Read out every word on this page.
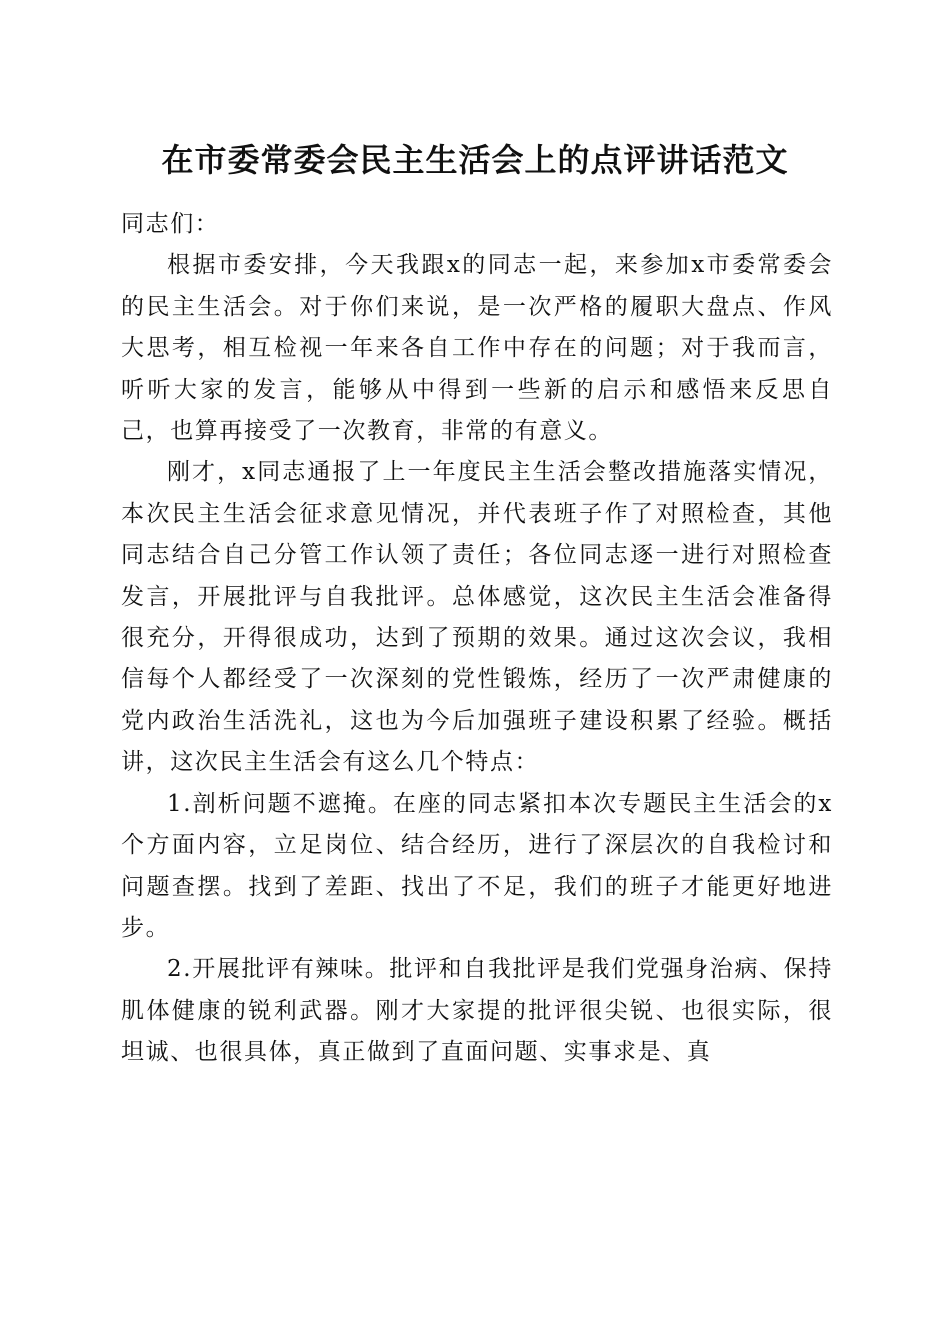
在市委常委会民主生活会上的点评讲话范文

同志们：

根据市委安排，今天我跟x的同志一起，来参加x市委常委会的民主生活会。对于你们来说，是一次严格的履职大盘点、作风大思考，相互检视一年来各自工作中存在的问题；对于我而言，听听大家的发言，能够从中得到一些新的启示和感悟来反思自己，也算再接受了一次教育，非常的有意义。

刚才，x同志通报了上一年度民主生活会整改措施落实情况，本次民主生活会征求意见情况，并代表班子作了对照检查，其他同志结合自己分管工作认领了责任；各位同志逐一进行对照检查发言，开展批评与自我批评。总体感觉，这次民主生活会准备得很充分，开得很成功，达到了预期的效果。通过这次会议，我相信每个人都经受了一次深刻的党性锻炼，经历了一次严肃健康的党内政治生活洗礼，这也为今后加强班子建设积累了经验。概括讲，这次民主生活会有这么几个特点：

1.剖析问题不遮掩。在座的同志紧扣本次专题民主生活会的x个方面内容，立足岗位、结合经历，进行了深层次的自我检讨和问题查摆。找到了差距、找出了不足，我们的班子才能更好地进步。

2.开展批评有辣味。批评和自我批评是我们党强身治病、保持肌体健康的锐利武器。刚才大家提的批评很尖锐、也很实际，很坦诚、也很具体，真正做到了直面问题、实事求是、真
